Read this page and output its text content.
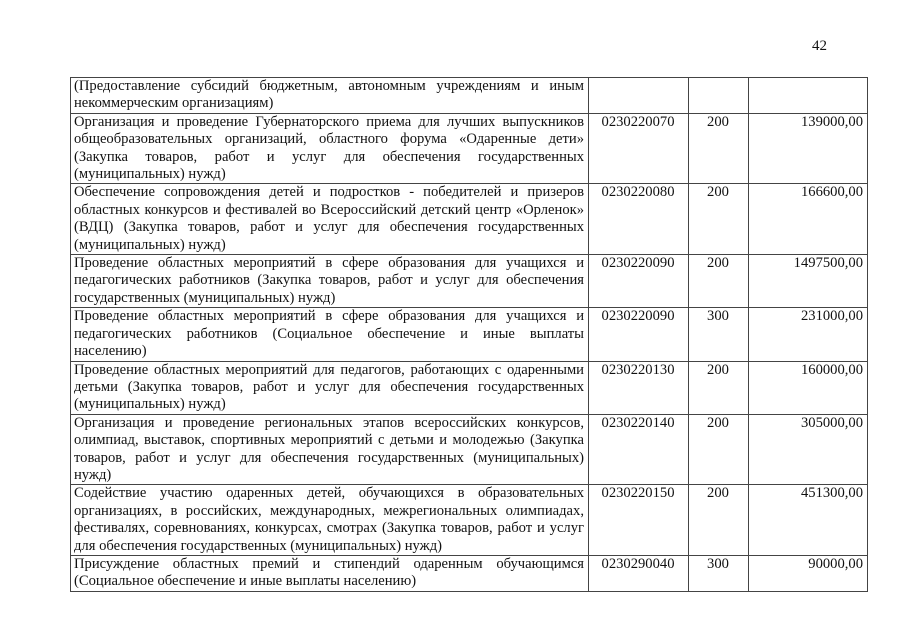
42
(Предоставление субсидий бюджетным, автономным учреждениям и иным некоммерческим организациям)			
Организация и проведение Губернаторского приема для лучших выпускников общеобразовательных организаций, областного форума «Одаренные дети» (Закупка товаров, работ и услуг для обеспечения государственных (муниципальных) нужд)	0230220070	200	139000,00
Обеспечение сопровождения детей и подростков - победителей и призеров областных конкурсов и фестивалей во Всероссийский детский центр «Орленок» (ВДЦ) (Закупка товаров, работ и услуг для обеспечения государственных (муниципальных) нужд)	0230220080	200	166600,00
Проведение областных мероприятий в сфере образования для учащихся и педагогических работников (Закупка товаров, работ и услуг для обеспечения государственных (муниципальных) нужд)	0230220090	200	1497500,00
Проведение областных мероприятий в сфере образования для учащихся и педагогических работников (Социальное обеспечение и иные выплаты населению)	0230220090	300	231000,00
Проведение областных мероприятий для педагогов, работающих с одаренными детьми (Закупка товаров, работ и услуг для обеспечения государственных (муниципальных) нужд)	0230220130	200	160000,00
Организация и проведение региональных этапов всероссийских конкурсов, олимпиад, выставок, спортивных мероприятий с детьми и молодежью (Закупка товаров, работ и услуг для обеспечения государственных (муниципальных) нужд)	0230220140	200	305000,00
Содействие участию одаренных детей, обучающихся в образовательных организациях, в российских, международных, межрегиональных олимпиадах, фестивалях, соревнованиях, конкурсах, смотрах (Закупка товаров, работ и услуг для обеспечения государственных (муниципальных) нужд)	0230220150	200	451300,00
Присуждение областных премий и стипендий одаренным обучающимся (Социальное обеспечение и иные выплаты населению)	0230290040	300	90000,00
